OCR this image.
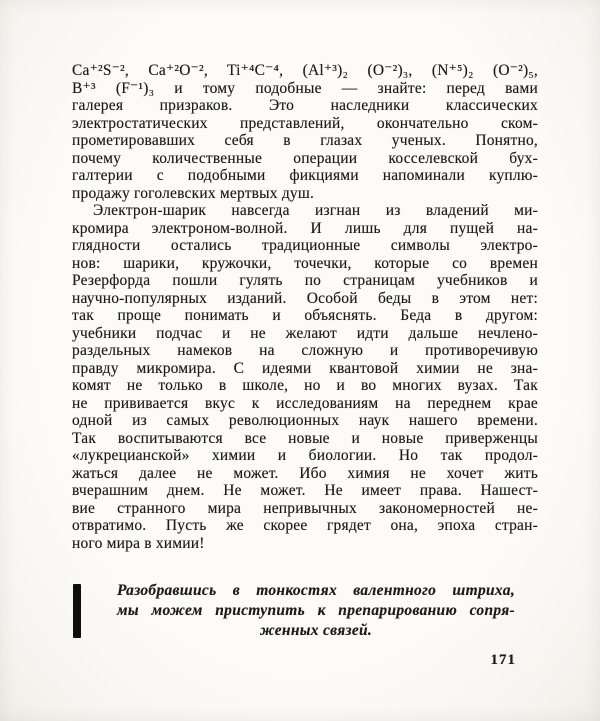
Ca⁺²S⁻², Ca⁺²O⁻², Ti⁺⁴C⁻⁴, (Al⁺³)₂ (O⁻²)₃, (N⁺⁵)₂ (O⁻²)₅,
B⁺³ (F⁻¹)₃ и тому подобные — знайте: перед вами
галерея призраков. Это наследники классических
электростатических представлений, окончательно ском-
прометировавших себя в глазах ученых. Понятно,
почему количественные операции косселевской бух-
галтерии с подобными фикциями напоминали куплю-
продажу гоголевских мертвых душ.
Электрон-шарик навсегда изгнан из владений ми-
кромира электроном-волной. И лишь для пущей на-
глядности остались традиционные символы электро-
нов: шарики, кружочки, точечки, которые со времен
Резерфорда пошли гулять по страницам учебников и
научно-популярных изданий. Особой беды в этом нет:
так проще понимать и объяснять. Беда в другом:
учебники подчас и не желают идти дальше нечлено-
раздельных намеков на сложную и противоречивую
правду микромира. С идеями квантовой химии не зна-
комят не только в школе, но и во многих вузах. Так
не прививается вкус к исследованиям на переднем крае
одной из самых революционных наук нашего времени.
Так воспитываются все новые и новые приверженцы
«лукрецианской» химии и биологии. Но так продол-
жаться далее не может. Ибо химия не хочет жить
вчерашним днем. Не может. Не имеет права. Нашест-
вие странного мира непривычных закономерностей не-
отвратимо. Пусть же скорее грядет она, эпоха стран-
ного мира в химии!
Разобравшись в тонкостях валентного штриха,
мы можем приступить к препарированию сопря-
женных связей.
171
